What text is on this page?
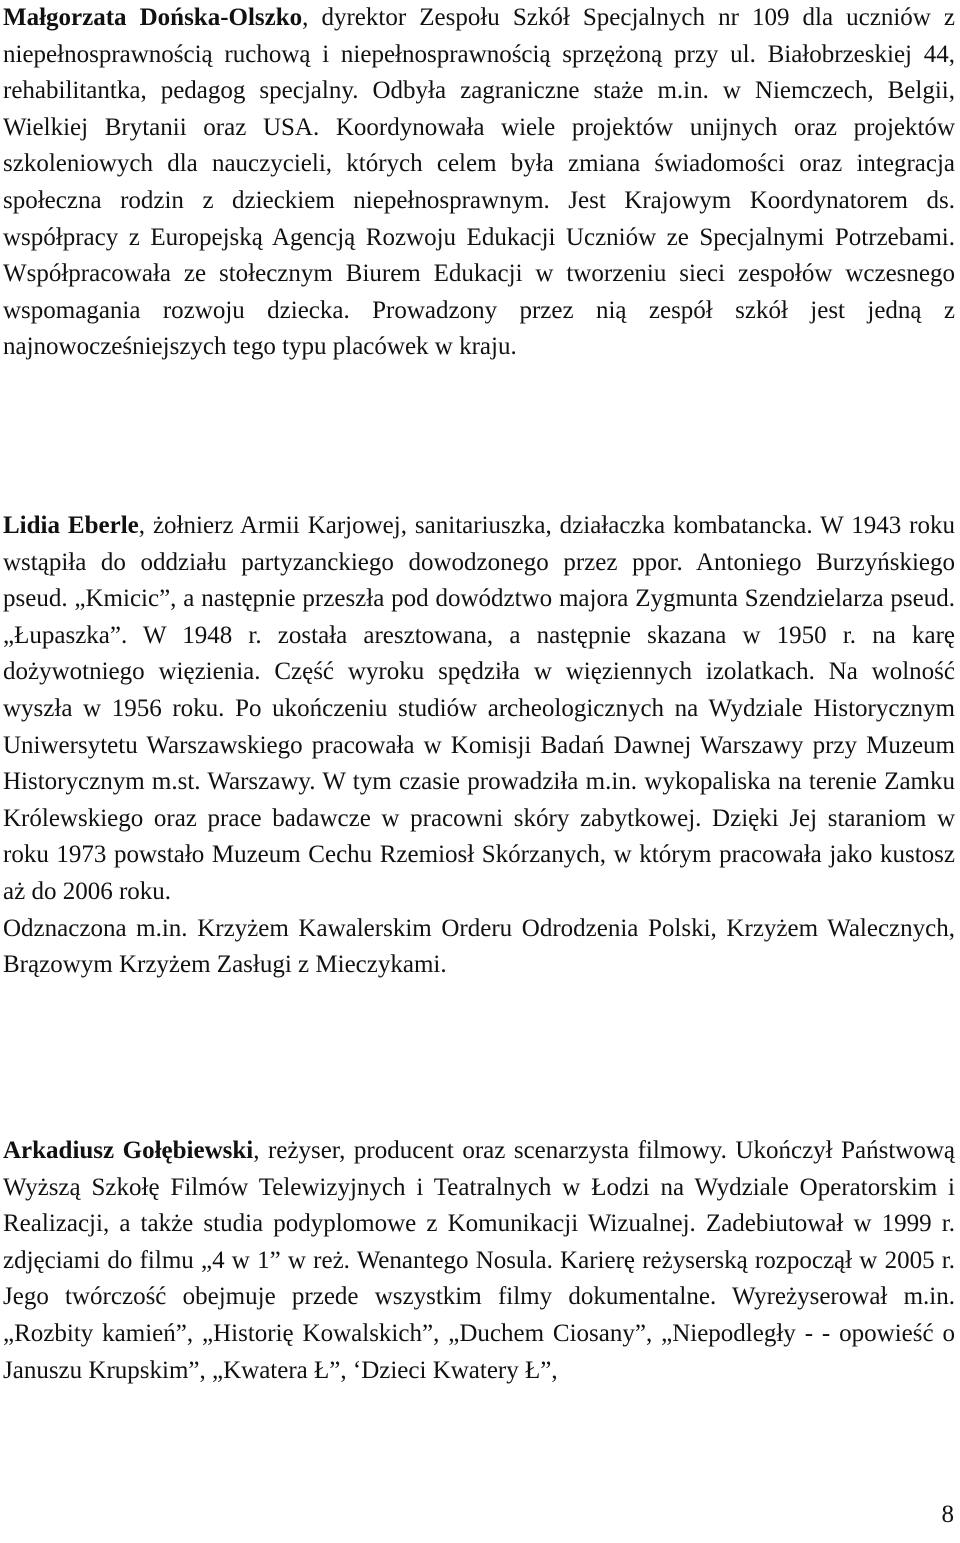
Małgorzata Dońska-Olszko, dyrektor Zespołu Szkół Specjalnych nr 109 dla uczniów z niepełnosprawnością ruchową i niepełnosprawnością sprzężoną przy ul. Białobrzeskiej 44, rehabilitantka, pedagog specjalny. Odbyła zagraniczne staże m.in. w Niemczech, Belgii, Wielkiej Brytanii oraz USA. Koordynowała wiele projektów unijnych oraz projektów szkoleniowych dla nauczycieli, których celem była zmiana świadomości oraz integracja społeczna rodzin z dzieckiem niepełnosprawnym. Jest Krajowym Koordynatorem ds. współpracy z Europejską Agencją Rozwoju Edukacji Uczniów ze Specjalnymi Potrzebami. Współpracowała ze stołecznym Biurem Edukacji w tworzeniu sieci zespołów wczesnego wspomagania rozwoju dziecka. Prowadzony przez nią zespół szkół jest jedną z najnowocześniejszych tego typu placówek w kraju.

Lidia Eberle, żołnierz Armii Karjowej, sanitariuszka, działaczka kombatancka. W 1943 roku wstąpiła do oddziału partyzanckiego dowodzonego przez ppor. Antoniego Burzyńskiego pseud. „Kmicic”, a następnie przeszła pod dowództwo majora Zygmunta Szendzielarza pseud. „Łupaszka”. W 1948 r. została aresztowana, a następnie skazana w 1950 r. na karę dożywotniego więzienia. Część wyroku spędziła w więziennych izolatkach. Na wolność wyszła w 1956 roku. Po ukończeniu studiów archeologicznych na Wydziale Historycznym Uniwersytetu Warszawskiego pracowała w Komisji Badań Dawnej Warszawy przy Muzeum Historycznym m.st. Warszawy. W tym czasie prowadziła m.in. wykopaliska na terenie Zamku Królewskiego oraz prace badawcze w pracowni skóry zabytkowej. Dzięki Jej staraniom w roku 1973 powstało Muzeum Cechu Rzemiosł Skórzanych, w którym pracowała jako kustosz aż do 2006 roku.

Odznaczona m.in. Krzyżem Kawalerskim Orderu Odrodzenia Polski, Krzyżem Walecznych, Brązowym Krzyżem Zasługi z Mieczykami.

Arkadiusz Gołębiewski, reżyser, producent oraz scenarzysta filmowy. Ukończył Państwową Wyższą Szkołę Filmów Telewizyjnych i Teatralnych w Łodzi na Wydziale Operatorskim i Realizacji, a także studia podyplomowe z Komunikacji Wizualnej. Zadebiutował w 1999 r. zdjęciami do filmu „4 w 1” w reż. Wenantego Nosula. Karierę reżyserską rozpoczął w 2005 r. Jego twórczość obejmuje przede wszystkim filmy dokumentalne. Wyreżyserował m.in. „Rozbity kamień”, „Historię Kowalskich”, „Duchem Ciosany”, „Niepodległy - - opowieść o Januszu Krupskim”, „Kwatera Ł”, ‘Dzieci Kwatery Ł”,

8
